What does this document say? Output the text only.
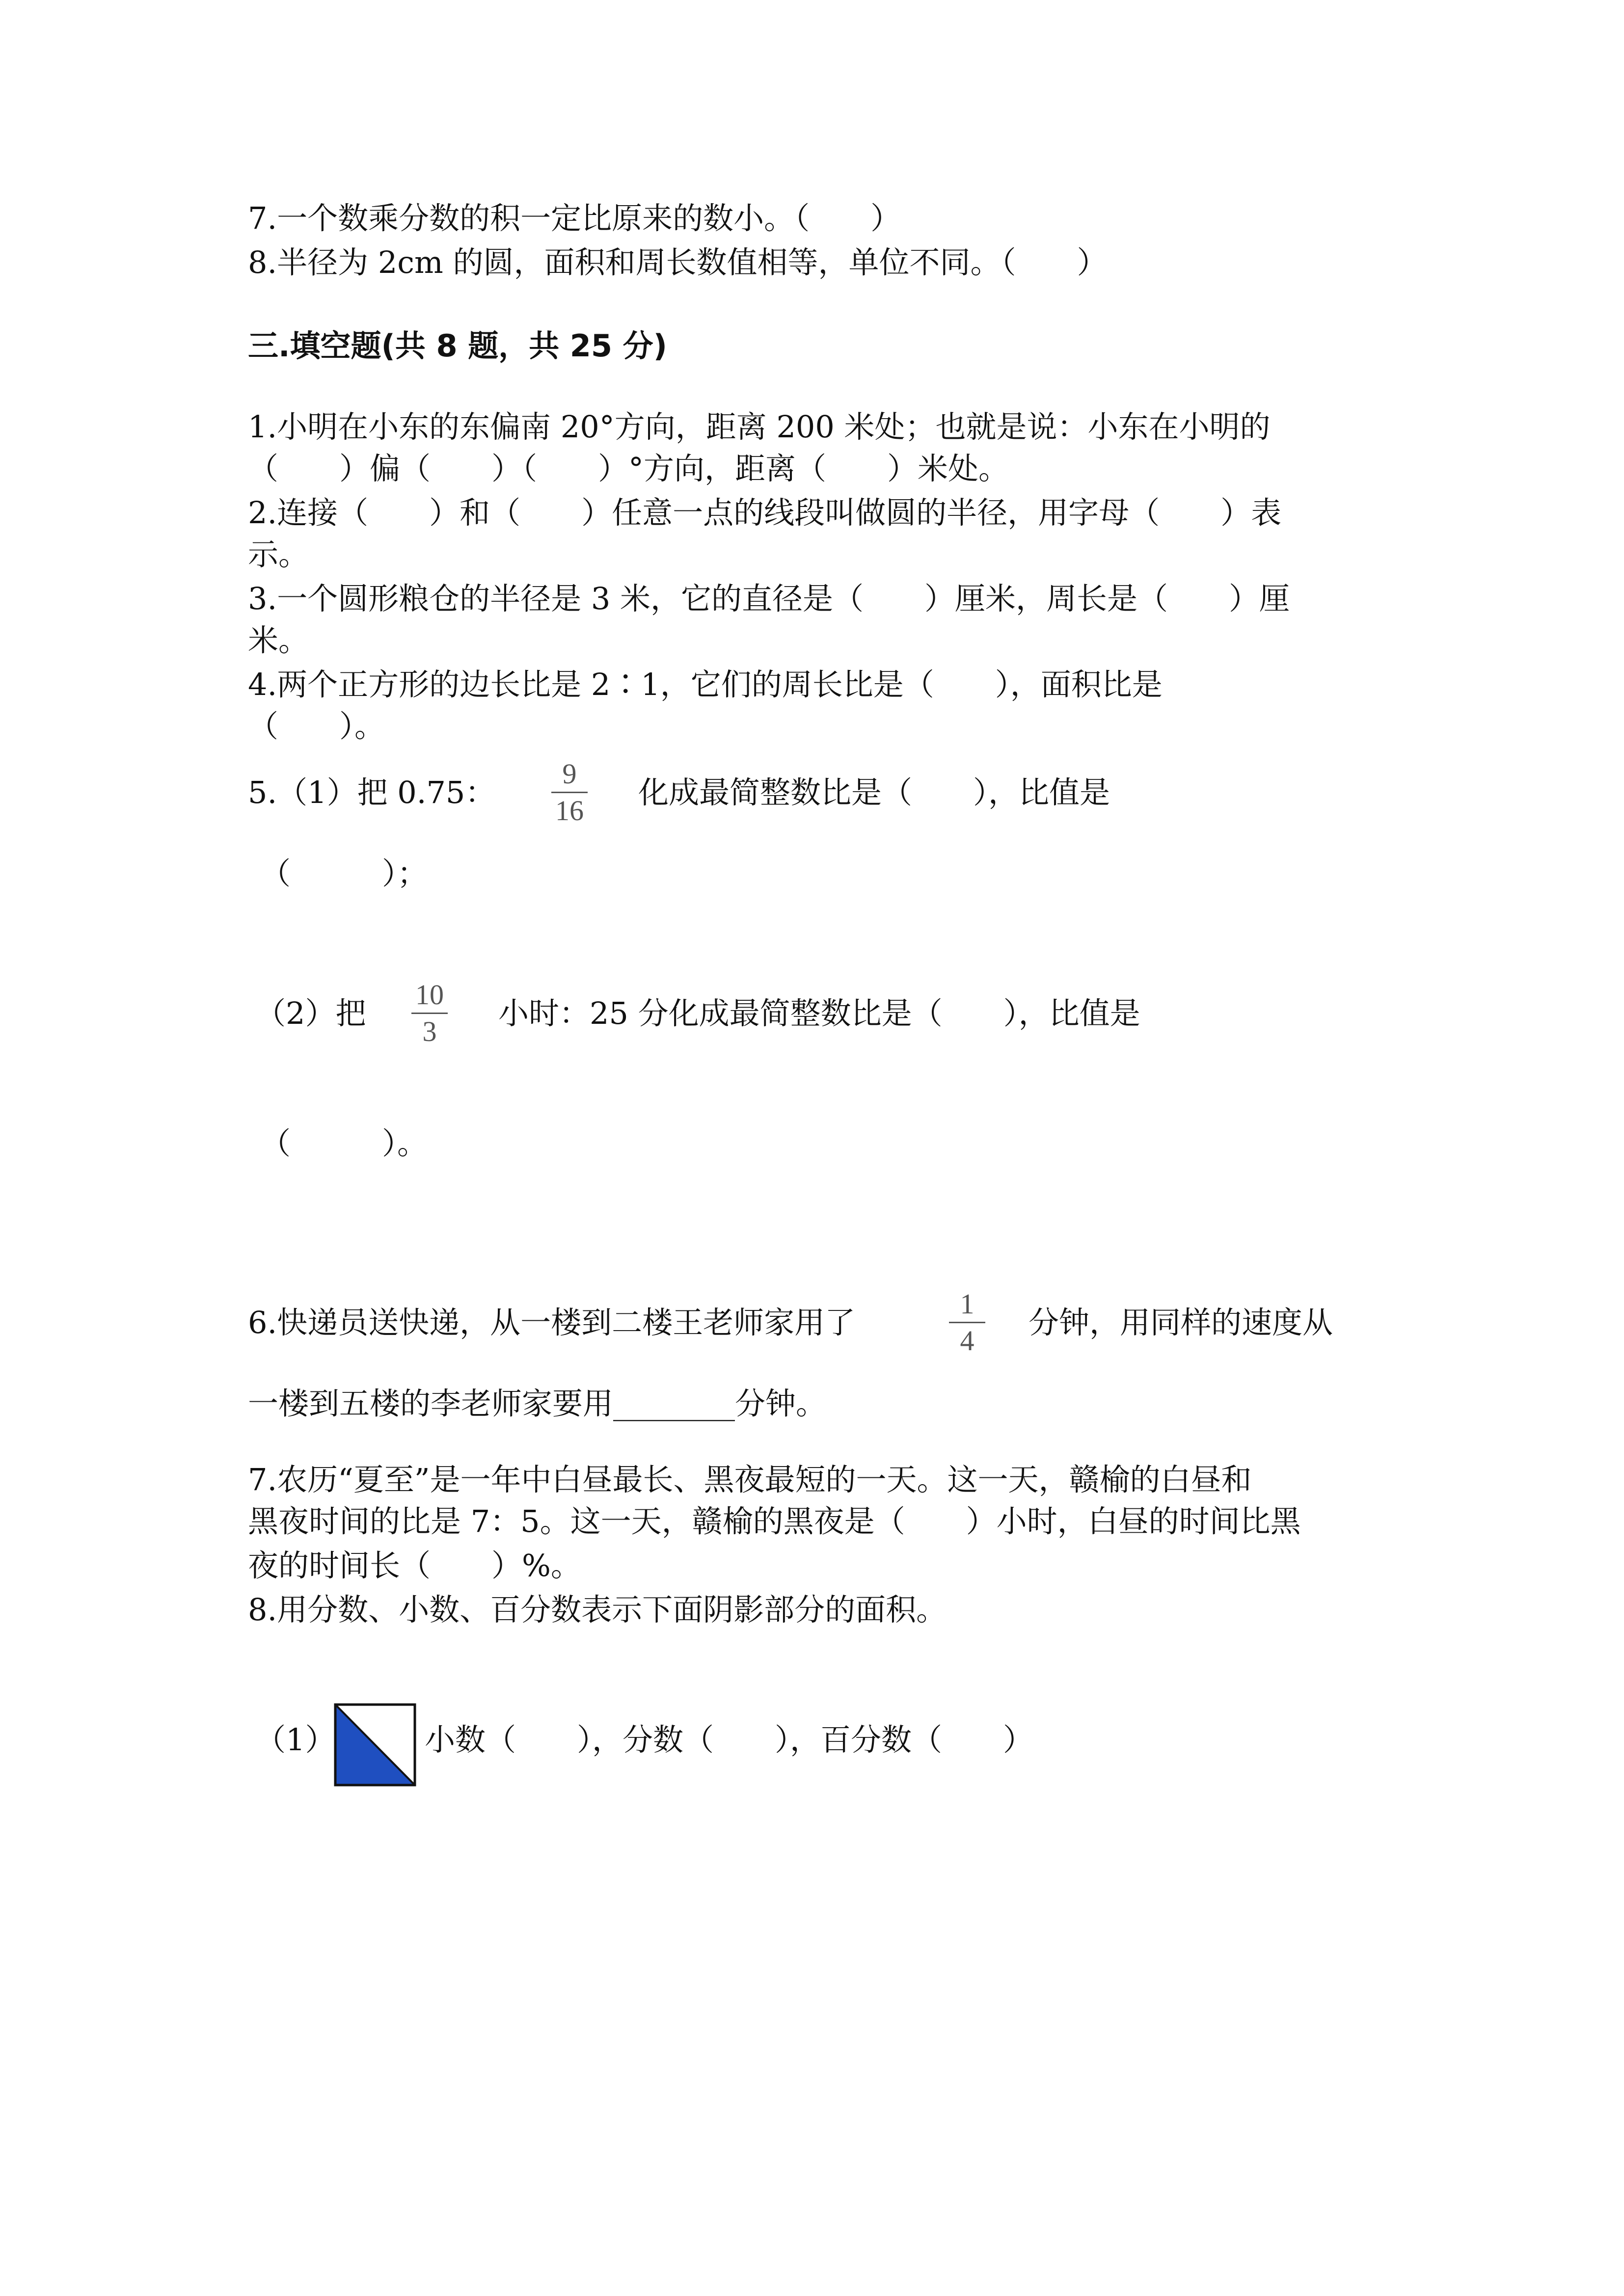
7.一个数乘分数的积一定比原来的数小。（　　）
8.半径为 2cm 的圆，面积和周长数值相等，单位不同。（　　）
三.填空题(共 8 题，共 25 分)
1.小明在小东的东偏南 20°方向，距离 200 米处；也就是说：小东在小明的
（　　）偏（　　）（　　）°方向，距离（　　）米处。
2.连接（　　）和（　　）任意一点的线段叫做圆的半径，用字母（　　）表
示。
3.一个圆形粮仓的半径是 3 米，它的直径是（　　）厘米，周长是（　　）厘
米。
4.两个正方形的边长比是 2∶1，它们的周长比是（　　），面积比是
（　　）。
5.（1）把 0.75：
9
16
化成最简整数比是（　　），比值是
（　　　）；
（2）把
10
3
小时：25 分化成最简整数比是（　　），比值是
（　　　）。
6.快递员送快递，从一楼到二楼王老师家用了
1
4
分钟，用同样的速度从
一楼到五楼的李老师家要用________分钟。
7.农历“夏至”是一年中白昼最长、黑夜最短的一天。这一天，赣榆的白昼和
黑夜时间的比是 7：5。这一天，赣榆的黑夜是（　　）小时，白昼的时间比黑
夜的时间长（　　）%。
8.用分数、小数、百分数表示下面阴影部分的面积。
（1）	小数（　　），分数（　　），百分数（　　）
